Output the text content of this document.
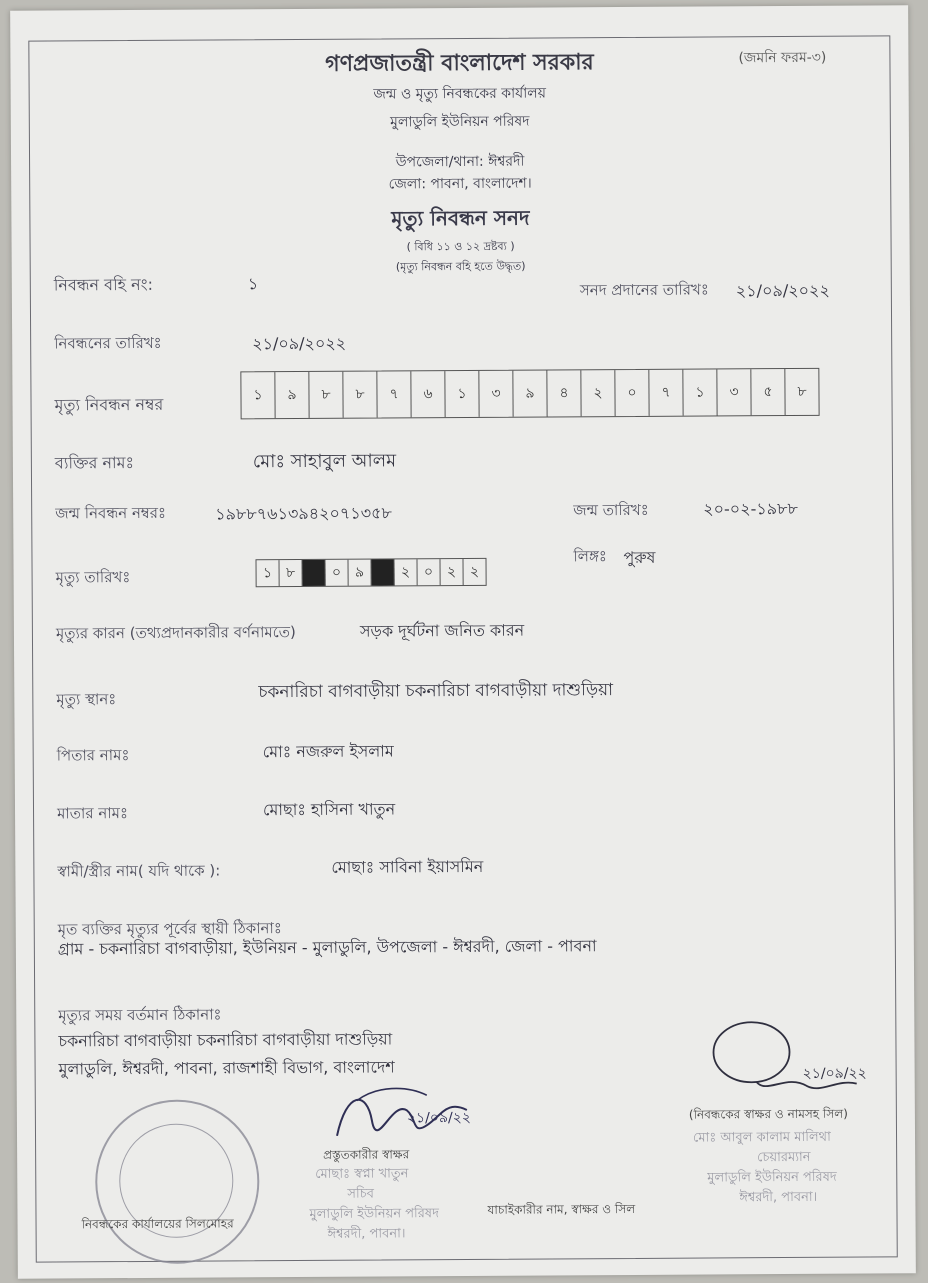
গণপ্রজাতন্ত্রী বাংলাদেশ সরকার	(জমনি ফরম-৩)
জন্ম ও মৃত্যু নিবন্ধকের কার্যালয়
মুলাডুলি ইউনিয়ন পরিষদ
উপজেলা/থানা: ঈশ্বরদী
জেলা: পাবনা, বাংলাদেশ।
মৃত্যু নিবন্ধন সনদ
( বিধি ১১ ও ১২ দ্রষ্টব্য )
(মৃত্যু নিবন্ধন বহি হতে উদ্ধৃত)
নিবন্ধন বহি নং:	১	সনদ প্রদানের তারিখঃ ২১/০৯/২০২২
নিবন্ধনের তারিখঃ	২১/০৯/২০২২
মৃত্যু নিবন্ধন নম্বর	১	৯	৮	৮	৭	৬	১	৩	৯	৪	২	০	৭	১	৩	৫	৮
ব্যক্তির নামঃ	মোঃ সাহাবুল আলম
জন্ম নিবন্ধন নম্বরঃ	১৯৮৮৭৬১৩৯৪২০৭১৩৫৮	জন্ম তারিখঃ	২০-০২-১৯৮৮
লিঙ্গঃ পুরুষ
মৃত্যু তারিখঃ	১ ৮	০ ৯	২ ০ ২ ২
মৃত্যুর কারন (তথ্যপ্রদানকারীর বর্ণনামতে)	সড়ক দূর্ঘটনা জনিত কারন
মৃত্যু স্থানঃ	চকনারিচা বাগবাড়ীয়া চকনারিচা বাগবাড়ীয়া দাশুড়িয়া
পিতার নামঃ	মোঃ নজরুল ইসলাম
মাতার নামঃ	মোছাঃ হাসিনা খাতুন
স্বামী/স্ত্রীর নাম( যদি থাকে ):	মোছাঃ সাবিনা ইয়াসমিন
মৃত ব্যক্তির মৃত্যুর পূর্বের স্থায়ী ঠিকানাঃ
গ্রাম - চকনারিচা বাগবাড়ীয়া, ইউনিয়ন - মুলাডুলি, উপজেলা - ঈশ্বরদী, জেলা - পাবনা
মৃত্যুর সময় বর্তমান ঠিকানাঃ
চকনারিচা বাগবাড়ীয়া চকনারিচা বাগবাড়ীয়া দাশুড়িয়া
মুলাডুলি, ঈশ্বরদী, পাবনা, রাজশাহী বিভাগ, বাংলাদেশ
নিবন্ধকের কার্যালয়ের সিলমোহর
২১/০৯/২২
প্রস্তুতকারীর স্বাক্ষর
মোছাঃ স্বপ্না খাতুন
সচিব
মুলাডুলি ইউনিয়ন পরিষদ
ঈশ্বরদী, পাবনা।
যাচাইকারীর নাম, স্বাক্ষর ও সিল
২১/০৯/২২
(নিবন্ধকের স্বাক্ষর ও নামসহ সিল)
মোঃ আবুল কালাম মালিথা
চেয়ারম্যান
মুলাডুলি ইউনিয়ন পরিষদ
ঈশ্বরদী, পাবনা।
